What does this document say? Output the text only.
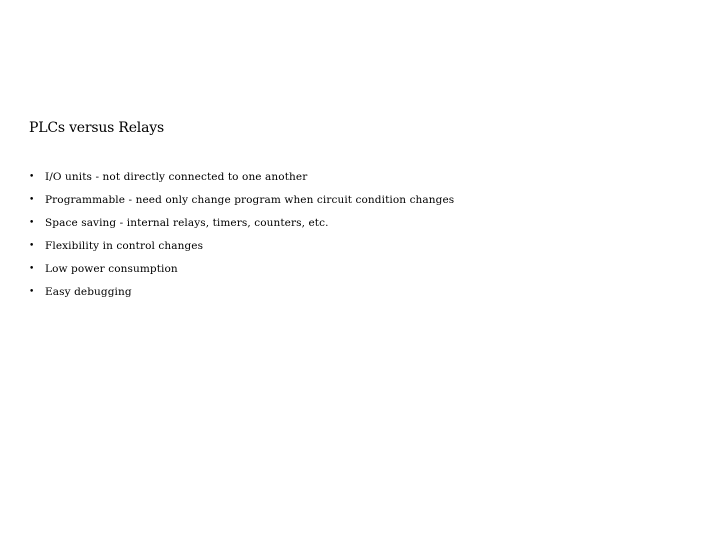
PLCs versus Relays
•	I/O units - not directly connected to one another
•	Programmable - need only change program when circuit condition changes
•	Space saving - internal relays, timers, counters, etc.
•	Flexibility in control changes
•	Low power consumption
•	Easy debugging
